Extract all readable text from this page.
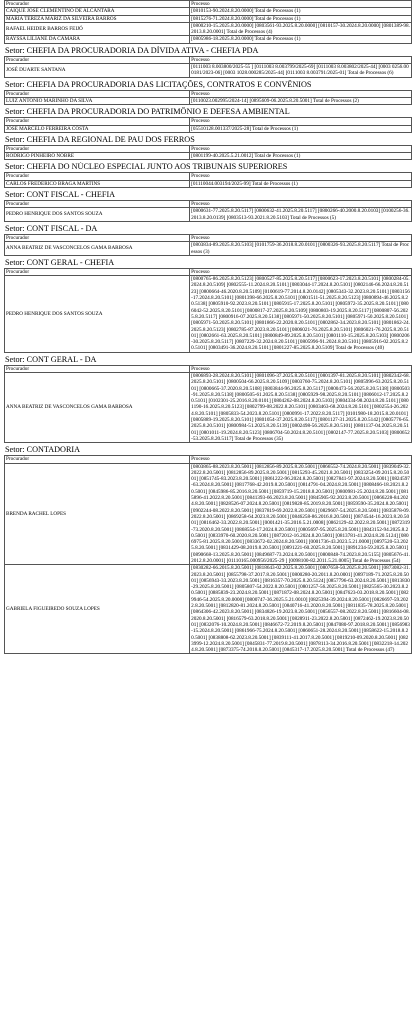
Procurador	Processo
CAIQUE JOSÉ CLEMENTINO DE ALCÂNTARA	[0810153-90.2024.8.20.0000] Total de Processos (1)
MARIA TEREZA MARIZ DA SILVEIRA BARROS	[0815276-71.2024.8.20.0000] Total de Processos (1)
RAFAEL HEIDER BARROS FEIJÓ	[0800210-15.2025.8.20.0000] [0803561-93.2025.8.20.0000] [0810157-30.2024.8.20.0000] [0801389-98.2013.8.20.0001] Total de Processos (4)
RAYSSA LILIANE DA CÂMARA	[0805986-18.2025.8.20.0000] Total de Processos (1)
Setor: CHEFIA DA PROCURADORIA DA DÍVIDA ATIVA - CHEFIA PDA
Procurador	Processo
JOSÉ DUARTE SANTANA	[0111003 8.003800/2025-55 ] [0111003 8.003799/2025-69] [0111003 8.003802/2025-44] [0003 0256.000181/2023-06] [0003 1028.000285/2025-44] [0111003 8.003791/2025-01] Total de Processos (6)
Setor: CHEFIA DA PROCURADORIA DAS LICITAÇÕES, CONTRATOS E CONVÊNIOS
Procurador	Processo
LUIZ ANTONIO MARINHO DA SILVA	[0110023.002995/2024-14] [0895609-06.2025.8.20.5001] Total de Processos (2)
Setor: CHEFIA DA PROCURADORIA DO PATRIMÔNIO E DEFESA AMBIENTAL
Procurador	Processo
JOSÉ MARCELO FERREIRA COSTA	[05510128.001337/2025-28] Total de Processos (1)
Setor: CHEFIA DA REGIONAL DE PAU DOS FERROS
Procurador	Processo
RODRIGO PINHEIRO NOBRE	[0801199-40.2025.5.21.0012] Total de Processos (1)
Setor: CHEFIA DO NÚCLEO ESPECIAL JUNTO AOS TRIBUNAIS SUPERIORES
Procurador	Processo
CARLOS FREDERICO BRAGA MARTINS	[01110044.003194/2025-99] Total de Processos (1)
Setor: CONT FISCAL - CHEFIA
Procurador	Processo
PEDRO HENRIQUE DOS SANTOS SOUZA	[0800631-77.2025.8.20.5117] [0800632-41.2025.8.20.5117] [0800266-40.2000.8.20.0103] [0100256-36.2013.8.20.0139] [0803513-93.2021.8.20.5103] Total de Processos (5)
Setor: CONT FISCAL - DA
Procurador	Processo
ANNA BEATRIZ DE VASCONCELOS GAMA BARBOSA	[0803834-89.2025.8.20.5103] [0101759-36.2018.8.20.0101] [0800326-93.2025.8.20.5117] Total de Processos (3)
Setor: CONT GERAL - CHEFIA
Procurador	Processo
PEDRO HENRIQUE DOS SANTOS SOUZA	[0800765-86.2025.8.20.5123] [0800527-85.2025.8.20.5117] [0800623-17.2023.8.20.5101] [0800284-05.2024.8.20.5109] [0802555-11.2024.8.20.5101] [0803044-17.2024.8.20.5101] [0802146-66.2024.8.20.5123] [0800664-46.2020.8.20.5109] [0100619-77.2014.8.20.0142] [0805343-32.2023.8.20.5101] [0803156-17.2024.8.20.5101] [0801398-66.2025.8.20.5101] [0801511-51.2025.8.20.5123] [0800894-46.2025.8.20.5138] [0805910-92.2023.8.20.5101] [0805915-17.2025.8.20.5101] [0805972-35.2025.8.20.5101] [0806042-52.2025.8.20.5101] [0800817-27.2025.8.20.5109] [0800803-19.2025.8.20.5117] [0800807-56.2025.8.20.5117] [0800916-07.2025.8.20.5138] [0805971-50.2025.8.20.5101] [0805971-50.2025.8.20.5101] [0805971-50.2025.8.20.5101] [0801866-22.2020.8.20.5101] [0802862-34.2023.8.20.5101] [0801862-24.2025.8.20.5123] [0802785-87.2023.8.20.5101] [0806021-76.2025.8.20.5101] [0806021-76.2025.8.20.5101] [0802661-63.2025.8.20.5101] [0800849-89.2025.8.20.5101] [0801110-15.2025.8.20.5103] [0800206-30.2025.8.20.5117] [0807229-32.2024.8.20.5101] [0805996-91.2024.8.20.5101] [0805916-02.2025.8.20.5101] [0803491-36.2024.8.20.5101] [0801227-85.2025.8.20.5109] Total de Processos (40)
Setor: CONT GERAL - DA
Procurador	Processo
ANNA BEATRIZ DE VASCONCELOS GAMA BARBOSA	[0806893-28.2024.8.20.5101] [0801096-37.2025.8.20.5101] [0801397-81.2025.8.20.5101] [0802342-68.2025.8.20.5101] [0800504-66.2025.8.20.5109] [0803760-75.2024.8.20.5101] [0805996-63.2025.8.20.5101] [0800665-37.2020.8.20.5108] [0803844-96.2025.8.20.5117] [0800473-56.2025.8.20.5138] [0800503-91.2025.8.20.5138] [0800505-61.2025.8.20.5138] [0805929-98.2025.8.20.5101] [0806012-17.2025.8.20.5101] [0102301-25.2016.8.20.0101] [0804262-08.2024.8.20.5103] [0804334-98.2024.8.20.5101] [0801190-16.2025.8.20.5123] [0802799-08.2022.8.20.5101] [0803463-68.2024.8.20.5101] [0802554-26.2024.8.20.5101] [0805833-54.2023.8.20.5101] [0800991-17.2022.8.20.5117] [0101980-18.2015.8.20.0101] [0805889-19.2025.8.20.5101] [0801054-37.2025.8.20.5117] [0801127-31.2025.8.20.5142] [0805776-65.2025.8.20.5101] [0800984-51.2025.8.20.5139] [0802498-56.2025.8.20.5101] [0801137-04.2025.8.20.5101] [0801011-19.2024.8.20.5123] [0806704-50.2024.8.20.5101] [0802147-77.2025.8.20.5103] [0800652-53.2025.8.20.5117] Total de Processos (35)
Setor: CONTADORIA
Procurador	Processo
BRENDA RACHEL LOPES	[0803865-88.2023.8.20.5001] [0812856-89.2025.8.20.5001] [0866552-74.2024.8.20.5001] [0839049-32.2022.8.20.5001] [0812856-89.2025.8.20.5001] [0815293-45.2021.8.20.5001] [0833254-09.2015.8.20.5001] [0851745-83.2023.8.20.5001] [0861222-96.2024.8.20.5001] [0827841-97.2024.8.20.5001] [0824597-63.2024.8.20.5001] [0817768-42.2019.8.20.5001] [0814791-04.2024.8.20.5001] [0808466-18.2021.8.20.5001] [0845986-85.2016.8.20.5001] [0859719-15.2018.8.20.5001] [0800981-25.2024.8.20.5001] [0815896-41.2022.8.20.5001] [0841393-66.2023.8.20.5001] [0845905-92.2023.8.20.5001] [0866228-84.2024.8.20.5001] [0828526-07.2024.8.20.5001] [0819828-85.2019.8.20.5001] [0859590-35.2024.8.20.5001] [0902244-08.2022.8.20.5001] [0837819-69.2022.8.20.5001] [0829607-54.2025.8.20.5001] [0835878-09.2022.8.20.5001] [0869258-64.2023.8.20.5001] [0846258-86.2016.8.20.5001] [0874544-16.2023.8.20.5001] [0816462-33.2022.8.20.5001] [0001421-35.2016.5.21.0008] [0862129-42.2022.8.20.5001] [0872319-73.2020.8.20.5001] [0868554-17.2024.8.20.5001] [0805697-95.2025.8.20.5001] [0843152-94.2025.8.20.5001] [0833970-60.2020.8.20.5001] [0872012-16.2024.8.20.5001] [0813781-41.2024.8.20.5124] [0806975-81.2025.8.20.5001] [0833672-02.2024.8.20.5001] [0001736-43.2023.5.21.0000] [0897520-53.2025.8.20.5001] [0831429-08.2019.8.20.5001] [0891221-60.2025.8.20.5001] [0891234-59.2025.8.20.5001] [0890668-13.2025.8.20.5001] [0849687-73.2024.8.20.5001] [0800848-74.2023.8.20.5155] [0805676-41.2012.8.20.0001] [01110165.000956/2025-29 ] [0098100-82.2011.5.21.0005] Total de Processos (54)
GABRIELA FIGUEIREDO SOUZA LOPES	[0830282-66.2015.8.20.5001] [0818643-02.2025.8.20.5001] [0807658-50.2025.8.20.5001] [0873082-31.2023.8.20.5001] [0855798-37.2017.8.20.5001] [0800280-20.2011.8.20.0001] [0897189-71.2025.8.20.5001] [0856943-33.2023.8.20.5001] [0816357-70.2025.8.20.5124] [0857796-63.2024.8.20.5001] [0813830-29.2025.8.20.5001] [0805807-54.2022.8.20.5001] [0801257-56.2025.8.20.5001] [0825565-30.2023.8.20.5001] [0885839-23.2024.8.20.5001] [0871872-08.2024.8.20.5001] [0847623-03.2018.8.20.5001] [0829946-54.2025.8.20.0000] [0800747-36.2025.5.21.0010] [0825394-39.2024.8.20.5001] [0826697-59.2022.8.20.5001] [0812820-81.2024.8.20.5001] [0840716-41.2020.8.20.5001] [0811835-78.2025.8.20.5001] [0864306-42.2023.8.20.5001] [0834826-19.2023.8.20.5001] [0856557-08.2022.8.20.5001] [0816604-08.2020.8.20.5001] [0816579-63.2018.8.20.5001] [0828911-23.2022.8.20.5001] [0872462-19.2023.8.20.5001] [0832076-10.2024.8.20.5001] [0846672-72.2019.8.20.5001] [0847080-97.2018.8.20.5001] [0856983-15.2024.8.20.5001] [0861966-75.2024.8.20.5001] [0860651-28.2024.8.20.5001] [0858622-15.2018.8.20.5001] [0838808-62.2023.8.20.5001] [0839111-41.2017.8.20.5001] [0819210-09.2020.8.20.5001] [0823999-12.2024.8.20.5001] [0845831-77.2019.8.20.5001] [0878113-34.2016.8.20.5001] [0832218-14.2024.8.20.5001] [0873375-74.2018.8.20.5001] [0845317-17.2025.8.20.5001] Total de Processos (47)
